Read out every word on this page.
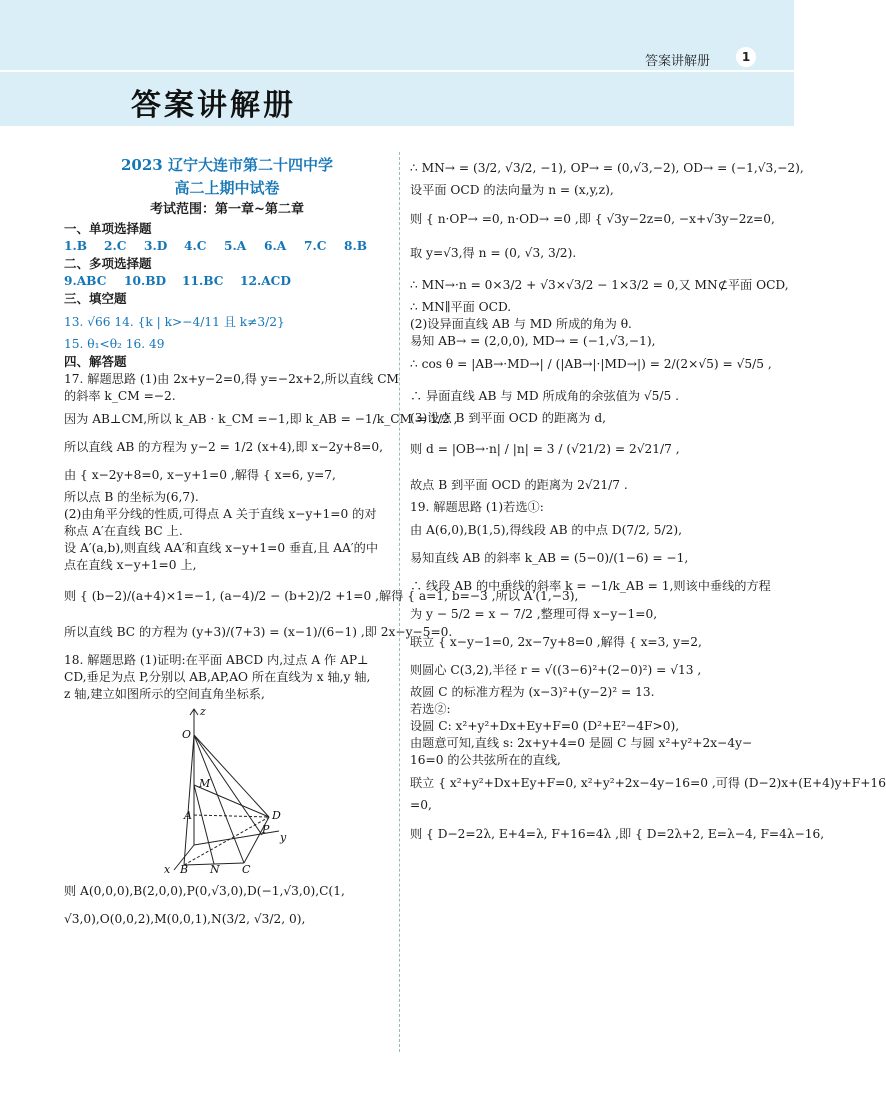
答案讲解册	1
答案讲解册
2023 辽宁大连市第二十四中学
高二上期中试卷
考试范围：第一章~第二章
一、单项选择题
1.B 2.C 3.D 4.C 5.A 6.A 7.C 8.B
二、多项选择题
9.ABC 10.BD 11.BC 12.ACD
三、填空题
13. √66 14. {k | k>−4/11 且 k≠3/2}
15. θ₁<θ₂ 16. 49
四、解答题
17. 解题思路 (1)由 2x+y−2=0,得 y=−2x+2,所以直线 CM
的斜率 k_CM =−2.
因为 AB⊥CM,所以 k_AB · k_CM =−1,即 k_AB = −1/k_CM = 1/2 ,
所以直线 AB 的方程为 y−2 = 1/2 (x+4),即 x−2y+8=0,
由 { x−2y+8=0, x−y+1=0 ,解得 { x=6, y=7,
所以点 B 的坐标为(6,7).
(2)由角平分线的性质,可得点 A 关于直线 x−y+1=0 的对
称点 A′在直线 BC 上.
设 A′(a,b),则直线 AA′和直线 x−y+1=0 垂直,且 AA′的中
点在直线 x−y+1=0 上,
则 { (b−2)/(a+4)×1=−1, (a−4)/2 − (b+2)/2 +1=0 ,解得 { a=1, b=−3 ,所以 A′(1,−3),
所以直线 BC 的方程为 (y+3)/(7+3) = (x−1)/(6−1) ,即 2x−y−5=0.
18. 解题思路 (1)证明:在平面 ABCD 内,过点 A 作 AP⊥
CD,垂足为点 P,分别以 AB,AP,AO 所在直线为 x 轴,y 轴,
z 轴,建立如图所示的空间直角坐标系,
z
O
M
A	D
P
y
x B N C
则 A(0,0,0),B(2,0,0),P(0,√3,0),D(−1,√3,0),C(1,
√3,0),O(0,0,2),M(0,0,1),N(3/2, √3/2, 0),
∴ MN→ = (3/2, √3/2, −1), OP→ = (0,√3,−2), OD→ = (−1,√3,−2),
设平面 OCD 的法向量为 n = (x,y,z),
则 { n·OP→ =0, n·OD→ =0 ,即 { √3y−2z=0, −x+√3y−2z=0,
取 y=√3,得 n = (0, √3, 3/2).
∴ MN→·n = 0×3/2 + √3×√3/2 − 1×3/2 = 0,又 MN⊄平面 OCD,
∴ MN∥平面 OCD.
(2)设异面直线 AB 与 MD 所成的角为 θ.
易知 AB→ = (2,0,0), MD→ = (−1,√3,−1),
∴ cos θ = |AB→·MD→| / (|AB→|·|MD→|) = 2/(2×√5) = √5/5 ,
∴ 异面直线 AB 与 MD 所成角的余弦值为 √5/5 .
(3)设点 B 到平面 OCD 的距离为 d,
则 d = |OB→·n| / |n| = 3 / (√21/2) = 2√21/7 ,
故点 B 到平面 OCD 的距离为 2√21/7 .
19. 解题思路 (1)若选①:
由 A(6,0),B(1,5),得线段 AB 的中点 D(7/2, 5/2),
易知直线 AB 的斜率 k_AB = (5−0)/(1−6) = −1,
∴ 线段 AB 的中垂线的斜率 k = −1/k_AB = 1,则该中垂线的方程
为 y − 5/2 = x − 7/2 ,整理可得 x−y−1=0,
联立 { x−y−1=0, 2x−7y+8=0 ,解得 { x=3, y=2,
则圆心 C(3,2),半径 r = √((3−6)²+(2−0)²) = √13 ,
故圆 C 的标准方程为 (x−3)²+(y−2)² = 13.
若选②:
设圆 C: x²+y²+Dx+Ey+F=0 (D²+E²−4F>0),
由题意可知,直线 s: 2x+y+4=0 是圆 C 与圆 x²+y²+2x−4y−
16=0 的公共弦所在的直线,
联立 { x²+y²+Dx+Ey+F=0, x²+y²+2x−4y−16=0 ,可得 (D−2)x+(E+4)y+F+16
=0,
则 { D−2=2λ, E+4=λ, F+16=4λ ,即 { D=2λ+2, E=λ−4, F=4λ−16,
